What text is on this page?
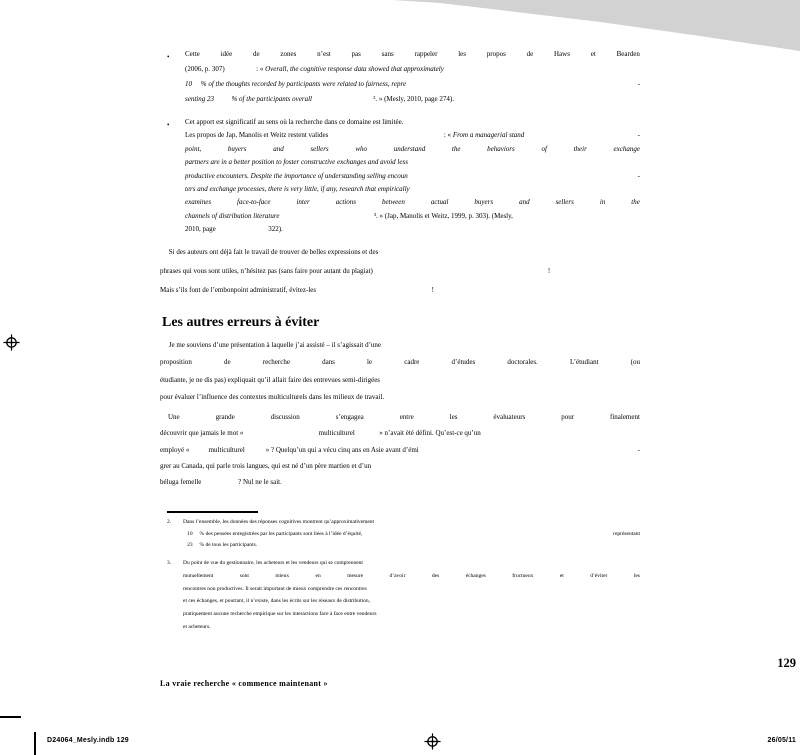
•	Cette	idée	de	zones	n’est	pas	sans	rappeler	les	propos	de	Haws	et	Bearden
(2006, p. 307)                  : « Overall, the cognitive response data showed that approximately
10     % of the thoughts recorded by participants were related to fairness, repre	-
senting 23          % of the participants overall ². » (Mesly, 2010, page 274).
•	Cet apport est significatif au sens où la recherche dans ce domaine est limitée.
Les propos de Jap, Manolis et Weitz restent valides                                                                  : « From a managerial stand	-
point,	buyers	and	sellers	who	understand	the	behaviors	of	their	exchange
partners are in a better position to foster constructive exchanges and avoid less
productive encounters. Despite the importance of understanding selling encoun	-
ters and exchange processes, there is very little, if any, research that empirically
examines	face-to-face	inter	actions	between	actual	buyers	and	sellers	in	the
channels of distribution literature ³. » (Jap, Manolis et Weitz, 1999, p. 303). (Mesly,
2010, page                              322).
Si des auteurs ont déjà fait le travail de trouver de belles expressions et des
phrases qui vous sont utiles, n’hésitez pas (sans faire pour autant du plagiat)                                                                                                    !
Mais s’ils font de l’embonpoint administratif, évitez-les                                                                  !
Les autres erreurs à éviter
Je me souviens d’une présentation à laquelle j’ai assisté – il s’agissait d’une
proposition	de	recherche	dans	le	cadre	d’études	doctorales.	L’étudiant	(ou
étudiante, je ne dis pas) expliquait qu’il allait faire des entrevues semi-dirigées
pour évaluer l’influence des contextes multiculturels dans les milieux de travail.
Une	grande	discussion	s’engagea	entre	les	évaluateurs	pour	finalement
découvrir que jamais le mot «                                           multiculturel              » n’avait été défini. Qu’est-ce qu’un
employé «           multiculturel            » ? Quelqu’un qui a vécu cinq ans en Asie avant d’émi	-
grer au Canada, qui parle trois langues, qui est né d’un père martien et d’un
béluga femelle                     ? Nul ne le sait.
2.	Dans l’ensemble, les données des réponses cognitives montrent qu’approximativement
10     % des pensées enregistrées par les participants sont liées à l’idée d’équité,	représentant
23     % de tous les participants.
3.	Du point de vue du gestionnaire, les acheteurs et les vendeurs qui se comprennent
mutuellement	sont	mieux	en	mesure	d’avoir	des	échanges	fructueux	et	d’éviter	les
rencontres non productives. Il serait important de mieux comprendre ces rencontres
et ces échanges, et pourtant, il n’existe, dans les écrits sur les réseaux de distribution,
pratiquement aucune recherche empirique sur les interactions face à face entre vendeurs
et acheteurs.
129
La vraie recherche « commence maintenant »
D24064_Mesly.indb 129	26/05/11
